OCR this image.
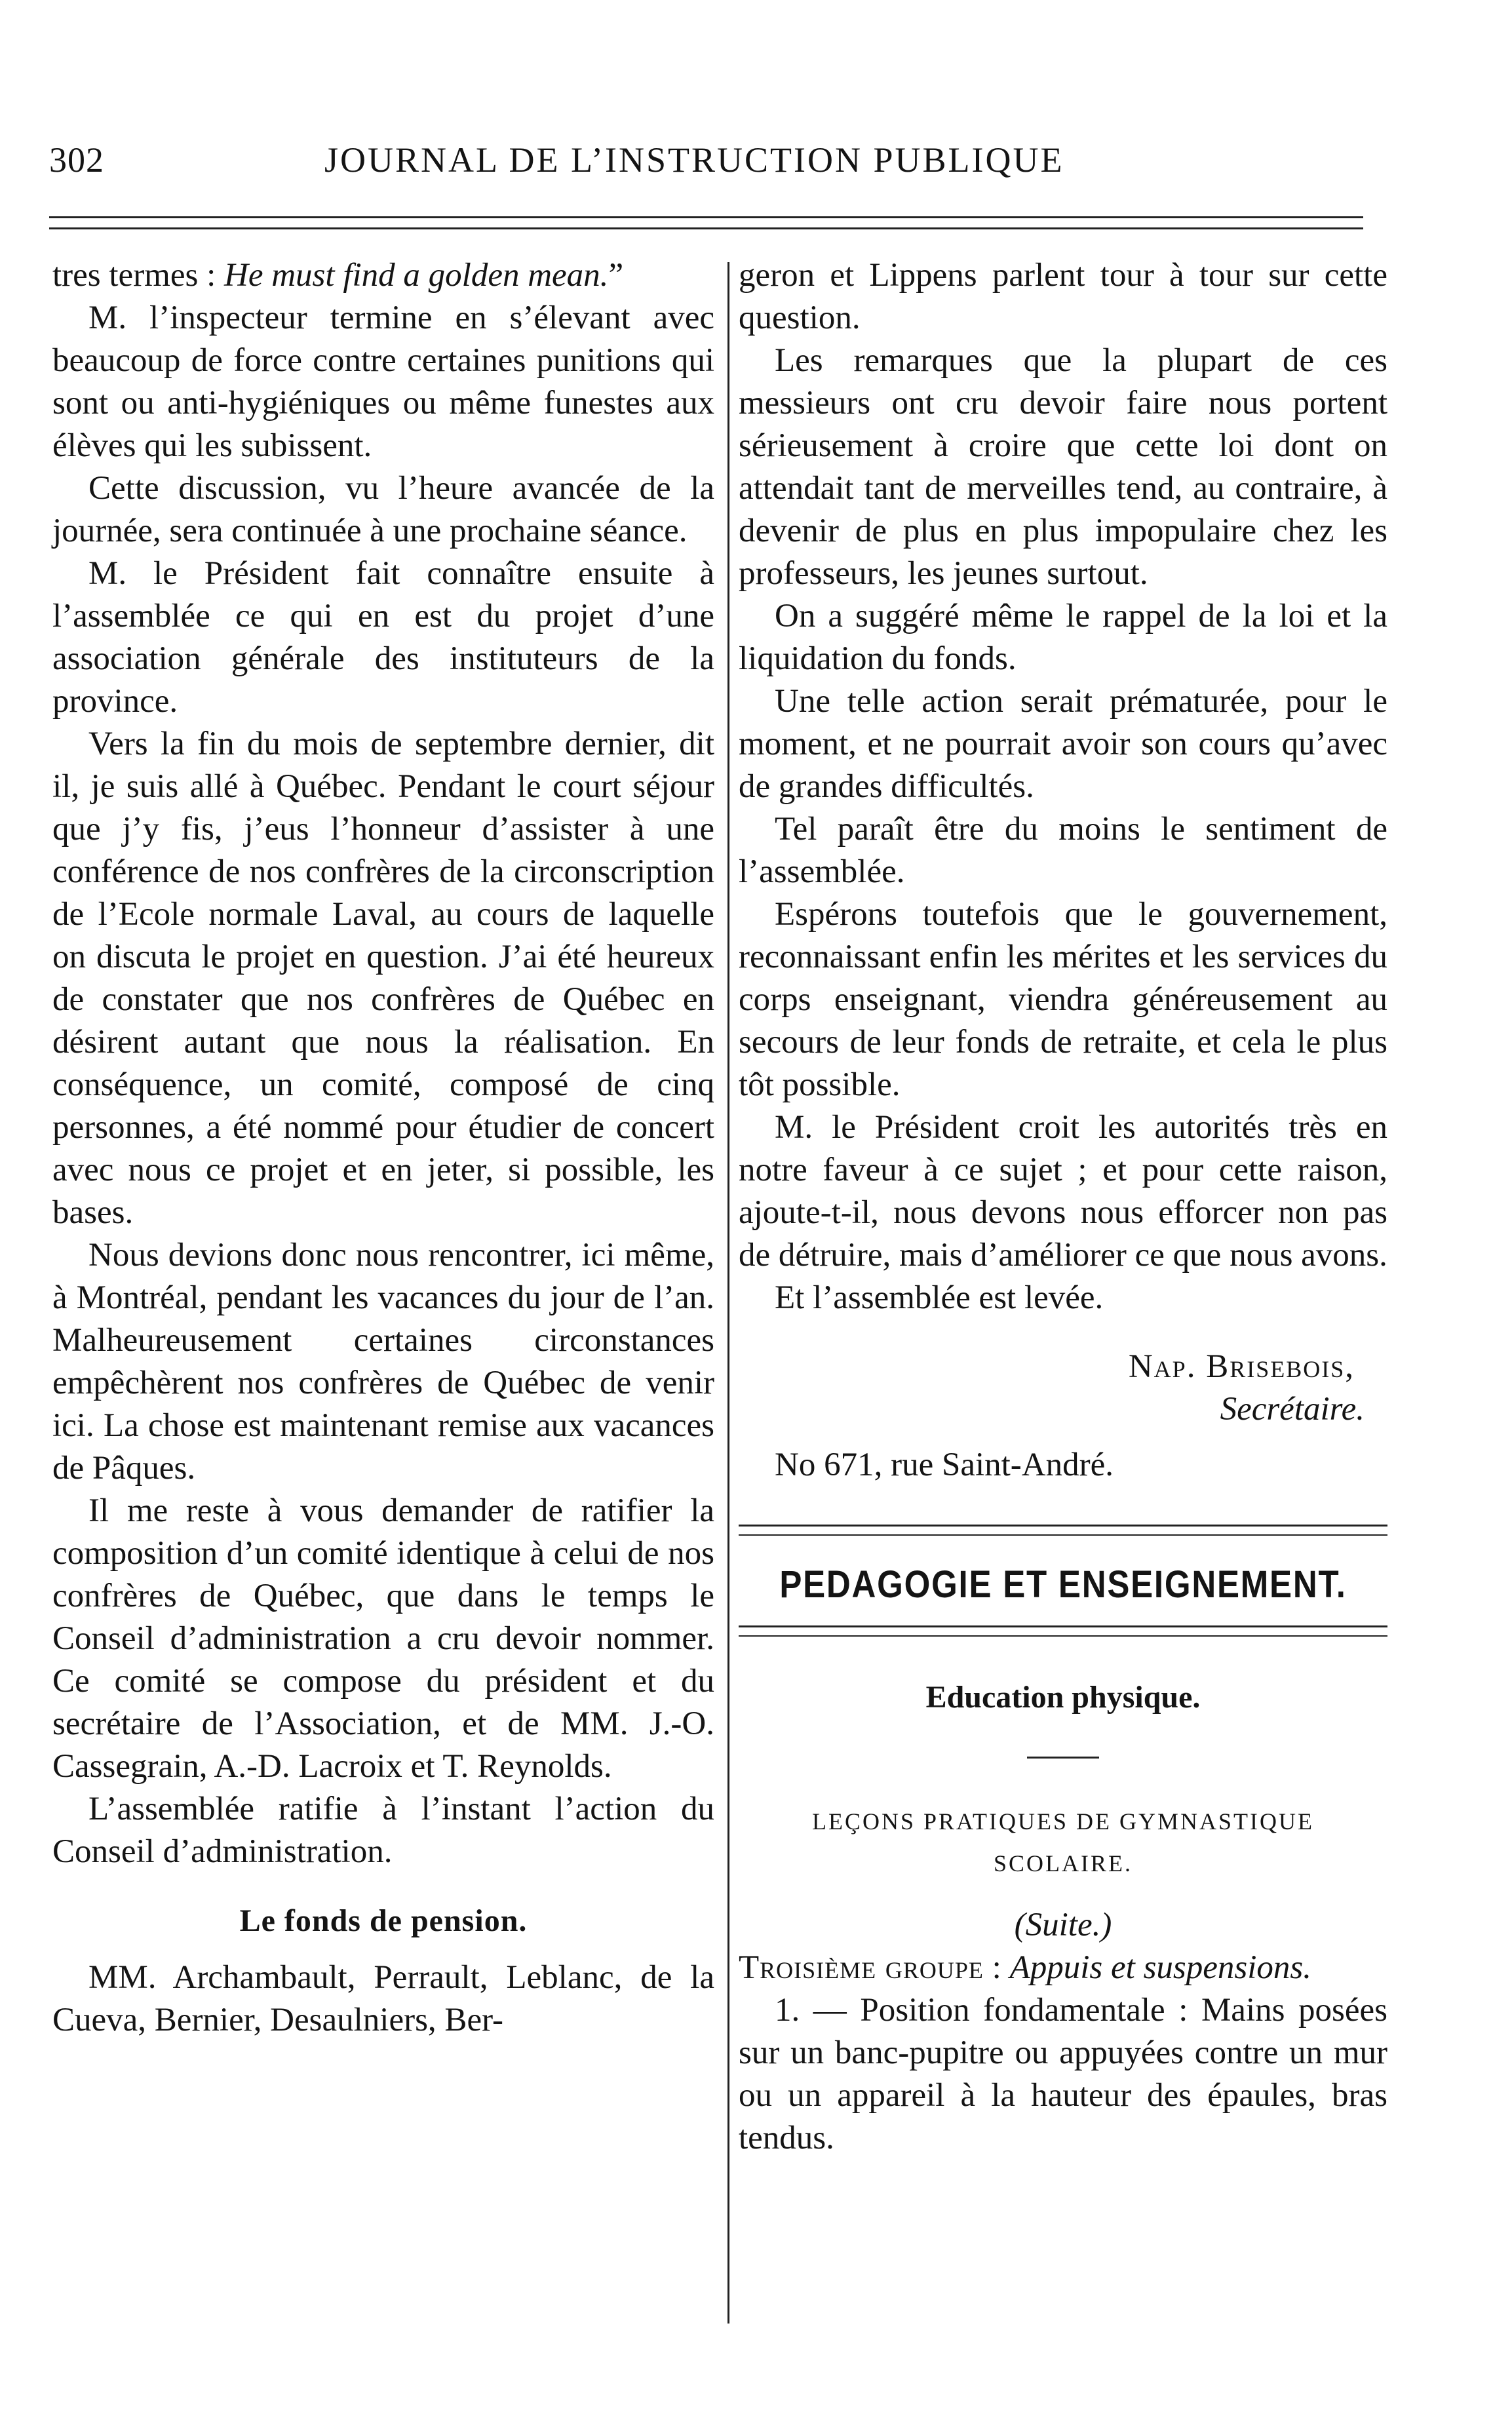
302	JOURNAL DE L’INSTRUCTION PUBLIQUE

tres termes : He must find a golden mean.”

M. l’inspecteur termine en s’élevant avec beaucoup de force contre certaines punitions qui sont ou anti-hygiéniques ou même funestes aux élèves qui les subissent.

Cette discussion, vu l’heure avancée de la journée, sera continuée à une prochaine séance.

M. le Président fait connaître ensuite à l’assemblée ce qui en est du projet d’une association générale des instituteurs de la province.

Vers la fin du mois de septembre dernier, dit il, je suis allé à Québec. Pendant le court séjour que j’y fis, j’eus l’honneur d’assister à une conférence de nos confrères de la circonscription de l’Ecole normale Laval, au cours de laquelle on discuta le projet en question. J’ai été heureux de constater que nos confrères de Québec en désirent autant que nous la réalisation. En conséquence, un comité, composé de cinq personnes, a été nommé pour étudier de concert avec nous ce projet et en jeter, si possible, les bases.

Nous devions donc nous rencontrer, ici même, à Montréal, pendant les vacances du jour de l’an. Malheureusement certaines circonstances empêchèrent nos confrères de Québec de venir ici. La chose est maintenant remise aux vacances de Pâques.

Il me reste à vous demander de ratifier la composition d’un comité identique à celui de nos confrères de Québec, que dans le temps le Conseil d’administration a cru devoir nommer. Ce comité se compose du président et du secrétaire de l’Association, et de MM. J.-O. Cassegrain, A.-D. Lacroix et T. Reynolds.

L’assemblée ratifie à l’instant l’action du Conseil d’administration.

Le fonds de pension.

MM. Archambault, Perrault, Leblanc, de la Cueva, Bernier, Desaulniers, Ber-

geron et Lippens parlent tour à tour sur cette question.

Les remarques que la plupart de ces messieurs ont cru devoir faire nous portent sérieusement à croire que cette loi dont on attendait tant de merveilles tend, au contraire, à devenir de plus en plus impopulaire chez les professeurs, les jeunes surtout.

On a suggéré même le rappel de la loi et la liquidation du fonds.

Une telle action serait prématurée, pour le moment, et ne pourrait avoir son cours qu’avec de grandes difficultés.

Tel paraît être du moins le sentiment de l’assemblée.

Espérons toutefois que le gouvernement, reconnaissant enfin les mérites et les services du corps enseignant, viendra généreusement au secours de leur fonds de retraite, et cela le plus tôt possible.

M. le Président croit les autorités très en notre faveur à ce sujet ; et pour cette raison, ajoute-t-il, nous devons nous efforcer non pas de détruire, mais d’améliorer ce que nous avons.

Et l’assemblée est levée.

Nap. Brisebois,
Secrétaire.
No 671, rue Saint-André.
PEDAGOGIE ET ENSEIGNEMENT.
Education physique.
LEÇONS PRATIQUES DE GYMNASTIQUE
SCOLAIRE.
(Suite.)

Troisième groupe : Appuis et suspensions.

1. — Position fondamentale : Mains posées sur un banc-pupitre ou appuyées contre un mur ou un appareil à la hauteur des épaules, bras tendus.
